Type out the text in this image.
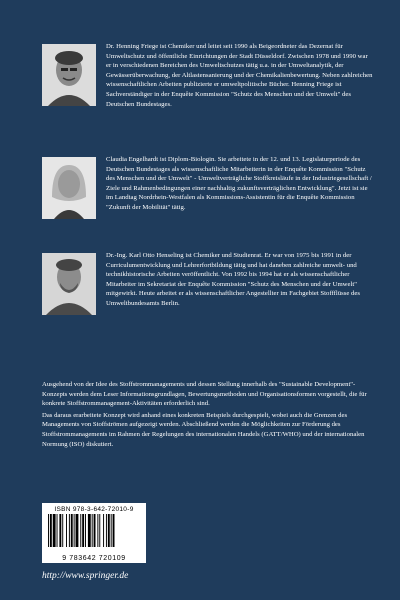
Dr. Henning Friege ist Chemiker und leitet seit 1990 als Beigeordneter das Dezernat für Umweltschutz und öffentliche Einrichtungen der Stadt Düsseldorf. Zwischen 1978 und 1990 war er in verschiedenen Bereichen des Umweltschutzes tätig u.a. in der Umweltanalytik, der Gewässerüberwachung, der Altlastensanierung und der Chemikalienbewertung. Neben zahlreichen wissenschaftlichen Arbeiten publizierte er umweltpolitische Bücher. Henning Friege ist Sachverständiger in der Enquête Kommission "Schutz des Menschen und der Umwelt" des Deutschen Bundestages.

Claudia Engelhardt ist Diplom-Biologin. Sie arbeitete in der 12. und 13. Legislaturperiode des Deutschen Bundestages als wissenschaftliche Mitarbeiterin in der Enquête Kommission "Schutz des Menschen und der Umwelt" - Umweltverträgliche Stoffkreisläufe in der Industriegesellschaft / Ziele und Rahmenbedingungen einer nachhaltig zukunftsverträglichen Entwicklung". Jetzt ist sie im Landtag Nordrhein-Westfalen als Kommissions-Assistentin für die Enquête Kommission "Zukunft der Mobilität" tätig.

Dr.-Ing. Karl Otto Henseling ist Chemiker und Studienrat. Er war von 1975 bis 1991 in der Curriculumentwicklung und Lehrerfortbildung tätig und hat daneben zahlreiche umwelt- und technikhistorische Arbeiten veröffentlicht. Von 1992 bis 1994 hat er als wissenschaftlicher Mitarbeiter im Sekretariat der Enquête Kommission "Schutz des Menschen und der Umwelt" mitgewirkt. Heute arbeitet er als wissenschaftlicher Angestellter im Fachgebiet Stoffflüsse des Umweltbundesamts Berlin.

Ausgehend von der Idee des Stoffstrommanagements und dessen Stellung innerhalb des "Sustainable Development"-Konzepts werden dem Leser Informationsgrundlagen, Bewertungsmethoden und Organisationsformen vorgestellt, die für konkrete Stoffstrommanagement-Aktivitäten erforderlich sind.

Das daraus erarbeitete Konzept wird anhand eines konkreten Beispiels durchgespielt, wobei auch die Grenzen des Managements von Stoffströmen aufgezeigt werden. Abschließend werden die Möglichkeiten zur Förderung des Stoffstrommanagements im Rahmen der Regelungen des internationalen Handels (GATT/WHO) und der internationalen Normung (ISO) diskutiert.

ISBN 978-3-642-72010-9
9 783642 720109
http://www.springer.de
